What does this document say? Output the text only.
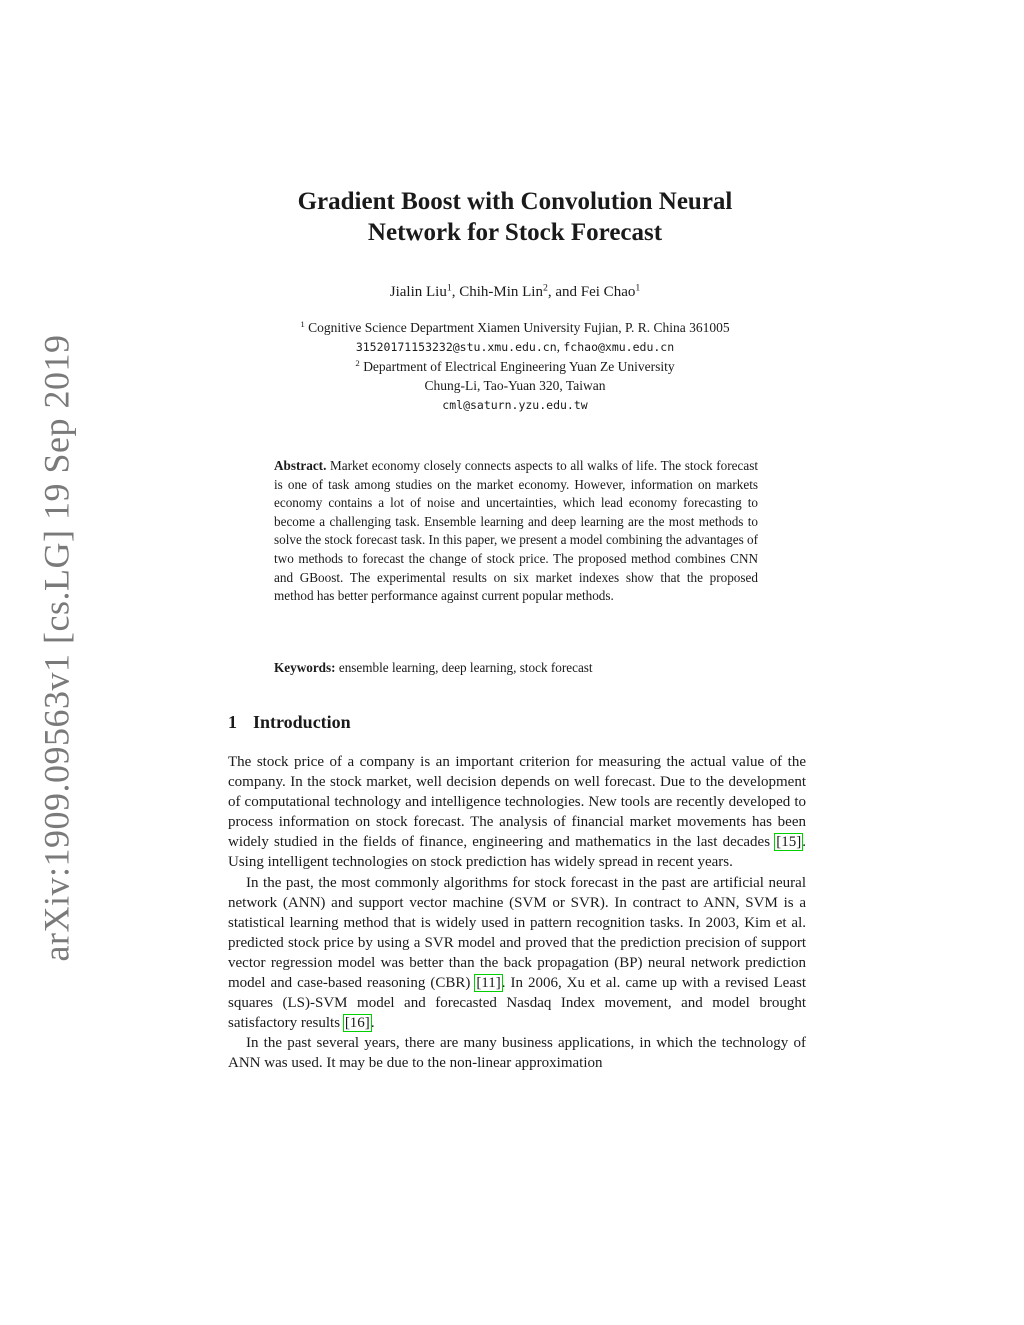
arXiv:1909.09563v1 [cs.LG] 19 Sep 2019
Gradient Boost with Convolution Neural
Network for Stock Forecast
Jialin Liu$^1$, Chih-Min Lin$^2$, and Fei Chao$^1$
$^1$ Cognitive Science Department Xiamen University Fujian, P. R. China 361005
31520171153232@stu.xmu.edu.cn, fchao@xmu.edu.cn
$^2$ Department of Electrical Engineering Yuan Ze University
Chung-Li, Tao-Yuan 320, Taiwan
cml@saturn.yzu.edu.tw
Abstract. Market economy closely connects aspects to all walks of life. The stock forecast is one of task among studies on the market economy. However, information on markets economy contains a lot of noise and uncertainties, which lead economy forecasting to become a challenging task. Ensemble learning and deep learning are the most methods to solve the stock forecast task. In this paper, we present a model combining the advantages of two methods to forecast the change of stock price. The proposed method combines CNN and GBoost. The experimental results on six market indexes show that the proposed method has better performance against current popular methods.
Keywords: ensemble learning, deep learning, stock forecast
1 Introduction

The stock price of a company is an important criterion for measuring the actual value of the company. In the stock market, well decision depends on well forecast. Due to the development of computational technology and intelligence technologies. New tools are recently developed to process information on stock forecast. The analysis of financial market movements has been widely studied in the fields of finance, engineering and mathematics in the last decades [15]. Using intelligent technologies on stock prediction has widely spread in recent years.

In the past, the most commonly algorithms for stock forecast in the past are artificial neural network (ANN) and support vector machine (SVM or SVR). In contract to ANN, SVM is a statistical learning method that is widely used in pattern recognition tasks. In 2003, Kim et al. predicted stock price by using a SVR model and proved that the prediction precision of support vector regression model was better than the back propagation (BP) neural network prediction model and case-based reasoning (CBR) [11]. In 2006, Xu et al. came up with a revised Least squares (LS)-SVM model and forecasted Nasdaq Index movement, and model brought satisfactory results [16].

In the past several years, there are many business applications, in which the technology of ANN was used. It may be due to the non-linear approximation
